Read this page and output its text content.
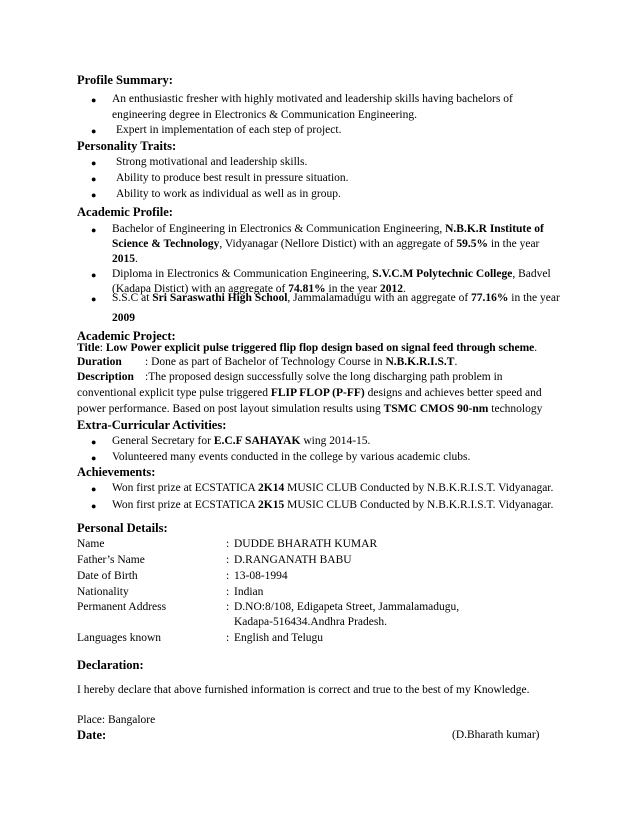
Profile Summary:
● An enthusiastic fresher with highly motivated and leadership skills having bachelors of
engineering degree in Electronics & Communication Engineering.
● Expert in implementation of each step of project.
Personality Traits:
● Strong motivational and leadership skills.
● Ability to produce best result in pressure situation.
● Ability to work as individual as well as in group.
Academic Profile:
● Bachelor of Engineering in Electronics & Communication Engineering, N.B.K.R Institute of
Science & Technology, Vidyanagar (Nellore Distict) with an aggregate of 59.5% in the year
2015.
● Diploma in Electronics & Communication Engineering, S.V.C.M Polytechnic College, Badvel
(Kadapa Distict) with an aggregate of 74.81% in the year 2012.
● S.S.C at Sri Saraswathi High School, Jammalamadugu with an aggregate of 77.16% in the year
2009
Academic Project:
Title: Low Power explicit pulse triggered flip flop design based on signal feed through scheme.
Duration : Done as part of Bachelor of Technology Course in N.B.K.R.I.S.T.
Description :The proposed design successfully solve the long discharging path problem in
conventional explicit type pulse triggered FLIP FLOP (P-FF) designs and achieves better speed and
power performance. Based on post layout simulation results using TSMC CMOS 90-nm technology
Extra-Curricular Activities:
● General Secretary for E.C.F SAHAYAK wing 2014-15.
● Volunteered many events conducted in the college by various academic clubs.
Achievements:
● Won first prize at ECSTATICA 2K14 MUSIC CLUB Conducted by N.B.K.R.I.S.T. Vidyanagar.
● Won first prize at ECSTATICA 2K15 MUSIC CLUB Conducted by N.B.K.R.I.S.T. Vidyanagar.
Personal Details:
Name	: DUDDE BHARATH KUMAR
Father’s Name	: D.RANGANATH BABU
Date of Birth	: 13-08-1994
Nationality	: Indian
Permanent Address	: D.NO:8/108, Edigapeta Street, Jammalamadugu,
Kadapa-516434.Andhra Pradesh.
Languages known	: English and Telugu
Declaration:
I hereby declare that above furnished information is correct and true to the best of my Knowledge.
Place: Bangalore
Date:	(D.Bharath kumar)
